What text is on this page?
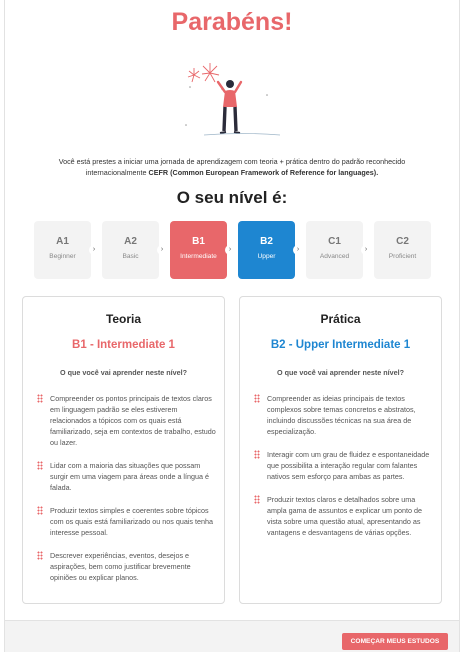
Parabéns!

Você está prestes a iniciar uma jornada de aprendizagem com teoria + prática dentro do padrão reconhecido internacionalmente CEFR (Common European Framework of Reference for languages).

O seu nível é:
A1
Beginner
›
A2
Basic
›
B1
Intermediate
›
B2
Upper
›
C1
Advanced
›
C2
Proficient
Teoria
B1 - Intermediate 1
O que você vai aprender neste nível?
Compreender os pontos principais de textos claros em linguagem padrão se eles estiverem relacionados a tópicos com os quais está familiarizado, seja em contextos de trabalho, estudo ou lazer.
Lidar com a maioria das situações que possam surgir em uma viagem para áreas onde a língua é falada.
Produzir textos simples e coerentes sobre tópicos com os quais está familiarizado ou nos quais tenha interesse pessoal.
Descrever experiências, eventos, desejos e aspirações, bem como justificar brevemente opiniões ou explicar planos.
Prática
B2 - Upper Intermediate 1
O que você vai aprender neste nível?
Compreender as ideias principais de textos complexos sobre temas concretos e abstratos, incluindo discussões técnicas na sua área de especialização.
Interagir com um grau de fluidez e espontaneidade que possibilita a interação regular com falantes nativos sem esforço para ambas as partes.
Produzir textos claros e detalhados sobre uma ampla gama de assuntos e explicar um ponto de vista sobre uma questão atual, apresentando as vantagens e desvantagens de várias opções.
COMEÇAR MEUS ESTUDOS
